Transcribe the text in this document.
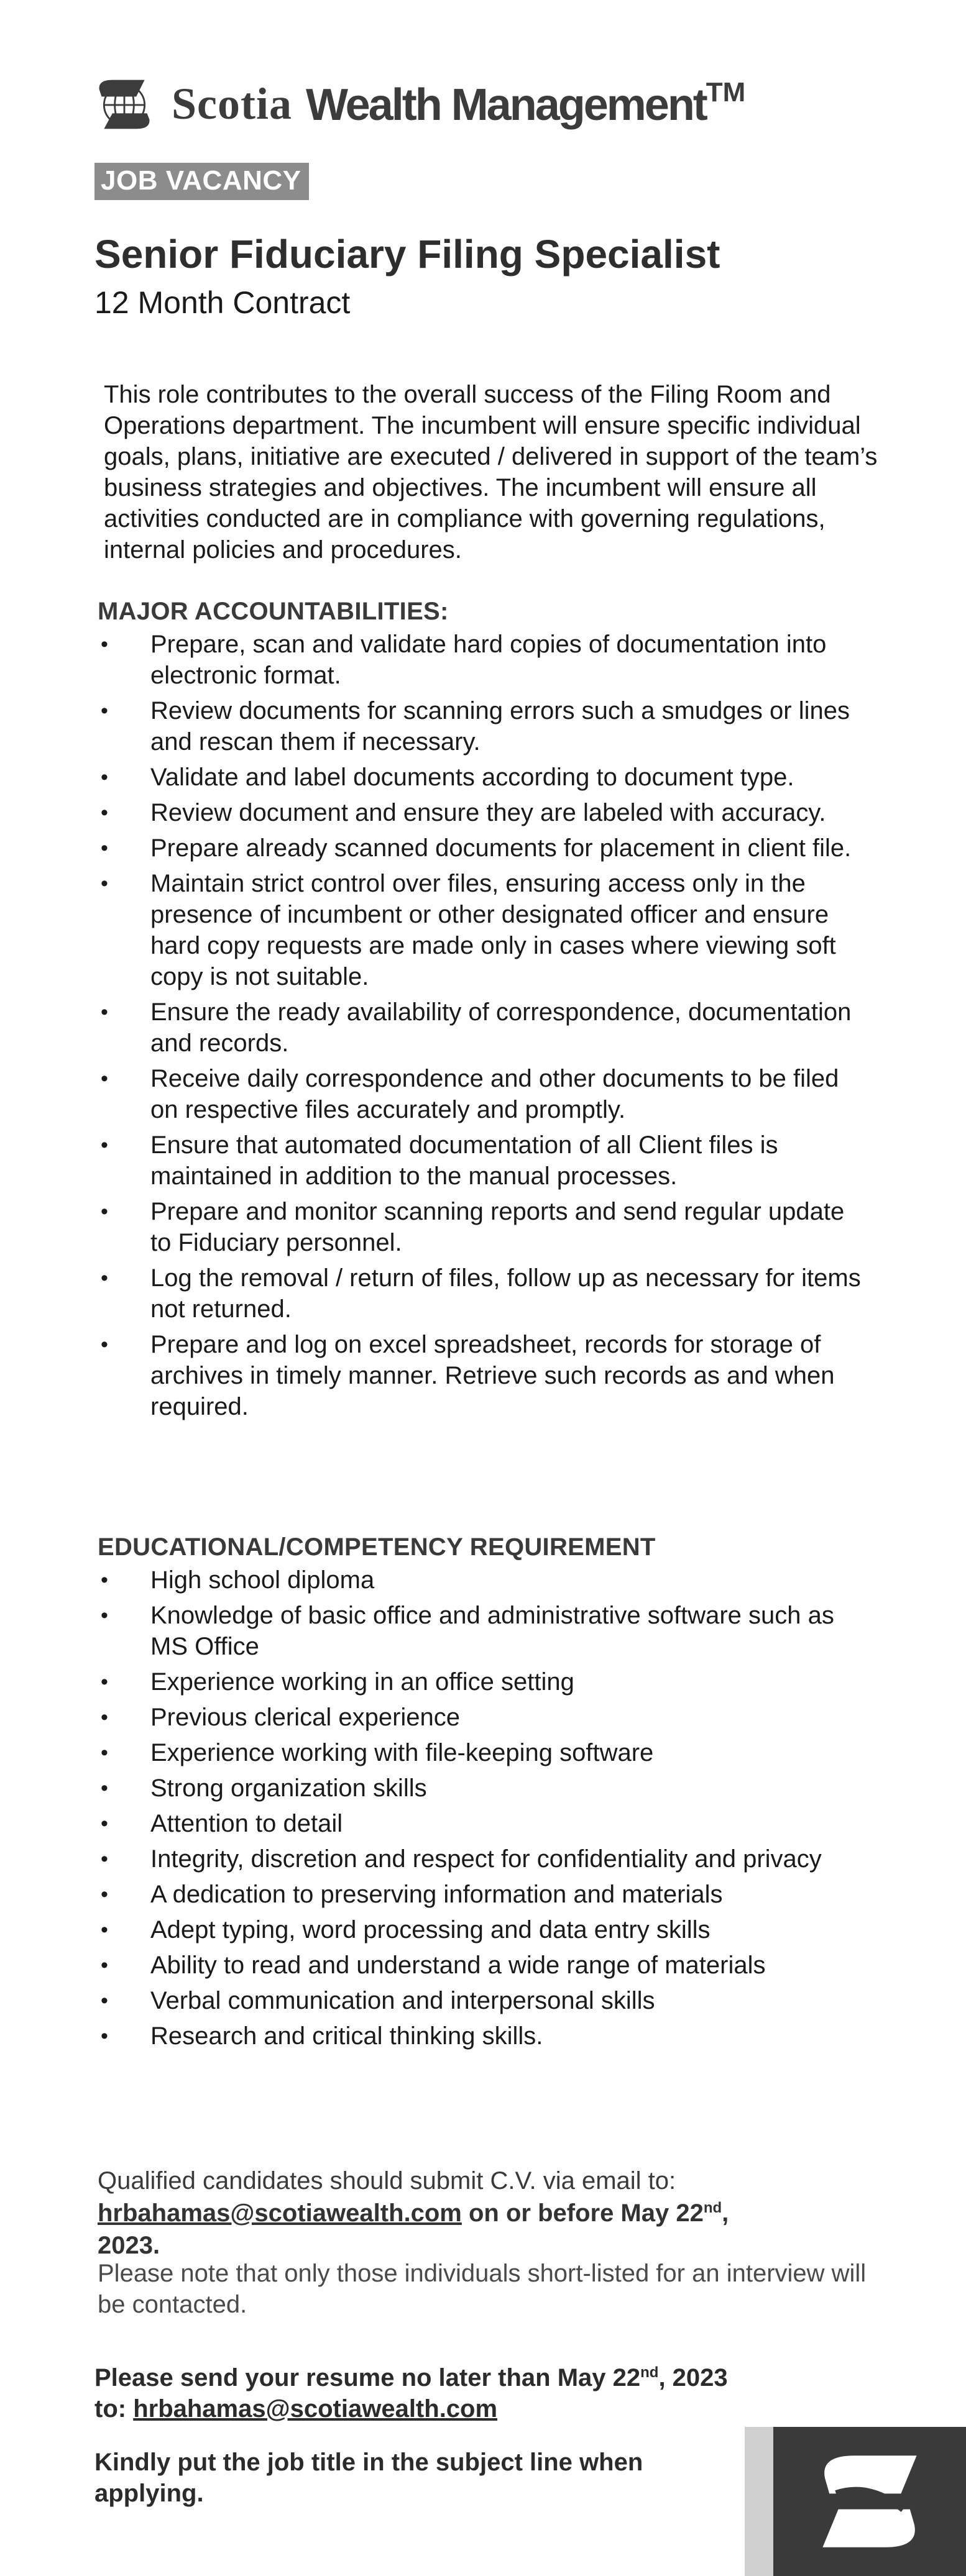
Scotia Wealth Management™
JOB VACANCY
Senior Fiduciary Filing Specialist

12 Month Contract

This role contributes to the overall success of the Filing Room and Operations department. The incumbent will ensure specific individual goals, plans, initiative are executed / delivered in support of the team’s business strategies and objectives. The incumbent will ensure all activities conducted are in compliance with governing regulations, internal policies and procedures.

MAJOR ACCOUNTABILITIES:
• Prepare, scan and validate hard copies of documentation into electronic format.
• Review documents for scanning errors such a smudges or lines and rescan them if necessary.
• Validate and label documents according to document type.
• Review document and ensure they are labeled with accuracy.
• Prepare already scanned documents for placement in client file.
• Maintain strict control over files, ensuring access only in the presence of incumbent or other designated officer and ensure hard copy requests are made only in cases where viewing soft copy is not suitable.
• Ensure the ready availability of correspondence, documentation and records.
• Receive daily correspondence and other documents to be filed on respective files accurately and promptly.
• Ensure that automated documentation of all Client files is maintained in addition to the manual processes.
• Prepare and monitor scanning reports and send regular update to Fiduciary personnel.
• Log the removal / return of files, follow up as necessary for items not returned.
• Prepare and log on excel spreadsheet, records for storage of archives in timely manner. Retrieve such records as and when required.
EDUCATIONAL/COMPETENCY REQUIREMENT
• High school diploma
• Knowledge of basic office and administrative software such as MS Office
• Experience working in an office setting
• Previous clerical experience
• Experience working with file-keeping software
• Strong organization skills
• Attention to detail
• Integrity, discretion and respect for confidentiality and privacy
• A dedication to preserving information and materials
• Adept typing, word processing and data entry skills
• Ability to read and understand a wide range of materials
• Verbal communication and interpersonal skills
• Research and critical thinking skills.

Qualified candidates should submit C.V. via email to:
hrbahamas@scotiawealth.com on or before May 22nd, 2023.

Please note that only those individuals short-listed for an interview will be contacted.

Please send your resume no later than May 22nd, 2023
to: hrbahamas@scotiawealth.com

Kindly put the job title in the subject line when applying.
